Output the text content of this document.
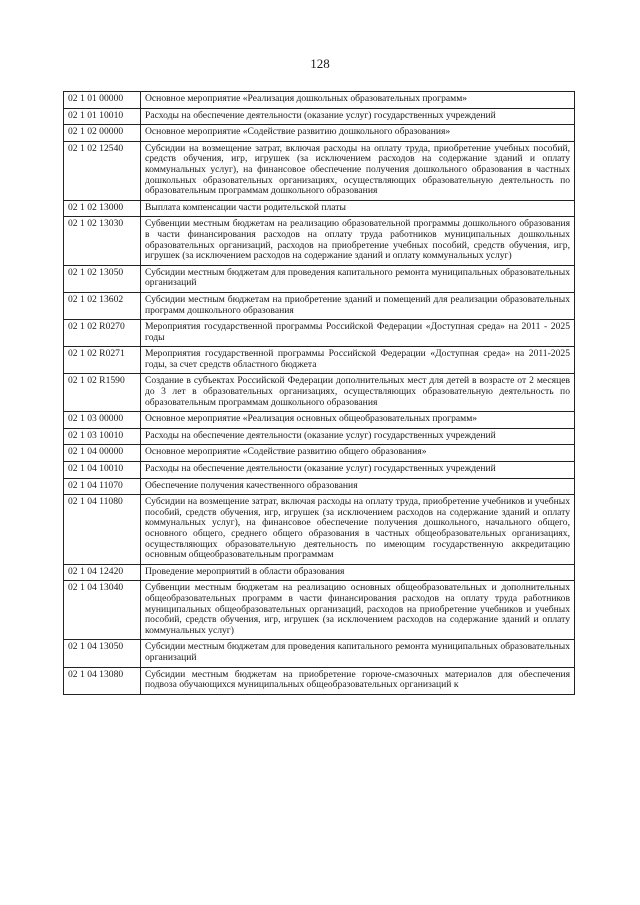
128
02 1 01 00000	Основное мероприятие «Реализация дошкольных образовательных программ»
02 1 01 10010	Расходы на обеспечение деятельности (оказание услуг) государственных учреждений
02 1 02 00000	Основное мероприятие «Содействие развитию дошкольного образования»
02 1 02 12540	Субсидии на возмещение затрат, включая расходы на оплату труда, приобретение учебных пособий, средств обучения, игр, игрушек (за исключением расходов на содержание зданий и оплату коммунальных услуг), на финансовое обеспечение получения дошкольного образования в частных дошкольных образовательных организациях, осуществляющих образовательную деятельность по образовательным программам дошкольного образования
02 1 02 13000	Выплата компенсации части родительской платы
02 1 02 13030	Субвенции местным бюджетам на реализацию образовательной программы дошкольного образования в части финансирования расходов на оплату труда работников муниципальных дошкольных образовательных организаций, расходов на приобретение учебных пособий, средств обучения, игр, игрушек (за исключением расходов на содержание зданий и оплату коммунальных услуг)
02 1 02 13050	Субсидии местным бюджетам для проведения капитального ремонта муниципальных образовательных организаций
02 1 02 13602	Субсидии местным бюджетам на приобретение зданий и помещений для реализации образовательных программ дошкольного образования
02 1 02 R0270	Мероприятия государственной программы Российской Федерации «Доступная среда» на 2011 - 2025 годы
02 1 02 R0271	Мероприятия государственной программы Российской Федерации «Доступная среда» на 2011-2025 годы, за счет средств областного бюджета
02 1 02 R1590	Создание в субъектах Российской Федерации дополнительных мест для детей в возрасте от 2 месяцев до 3 лет в образовательных организациях, осуществляющих образовательную деятельность по образовательным программам дошкольного образования
02 1 03 00000	Основное мероприятие «Реализация основных общеобразовательных программ»
02 1 03 10010	Расходы на обеспечение деятельности (оказание услуг) государственных учреждений
02 1 04 00000	Основное мероприятие «Содействие развитию общего образования»
02 1 04 10010	Расходы на обеспечение деятельности (оказание услуг) государственных учреждений
02 1 04 11070	Обеспечение получения качественного образования
02 1 04 11080	Субсидии на возмещение затрат, включая расходы на оплату труда, приобретение учебников и учебных пособий, средств обучения, игр, игрушек (за исключением расходов на содержание зданий и оплату коммунальных услуг), на финансовое обеспечение получения дошкольного, начального общего, основного общего, среднего общего образования в частных общеобразовательных организациях, осуществляющих образовательную деятельность по имеющим государственную аккредитацию основным общеобразовательным программам
02 1 04 12420	Проведение мероприятий в области образования
02 1 04 13040	Субвенции местным бюджетам на реализацию основных общеобразовательных и дополнительных общеобразовательных программ в части финансирования расходов на оплату труда работников муниципальных общеобразовательных организаций, расходов на приобретение учебников и учебных пособий, средств обучения, игр, игрушек (за исключением расходов на содержание зданий и оплату коммунальных услуг)
02 1 04 13050	Субсидии местным бюджетам для проведения капитального ремонта муниципальных образовательных организаций
02 1 04 13080	Субсидии местным бюджетам на приобретение горюче-смазочных материалов для обеспечения подвоза обучающихся муниципальных общеобразовательных организаций к
